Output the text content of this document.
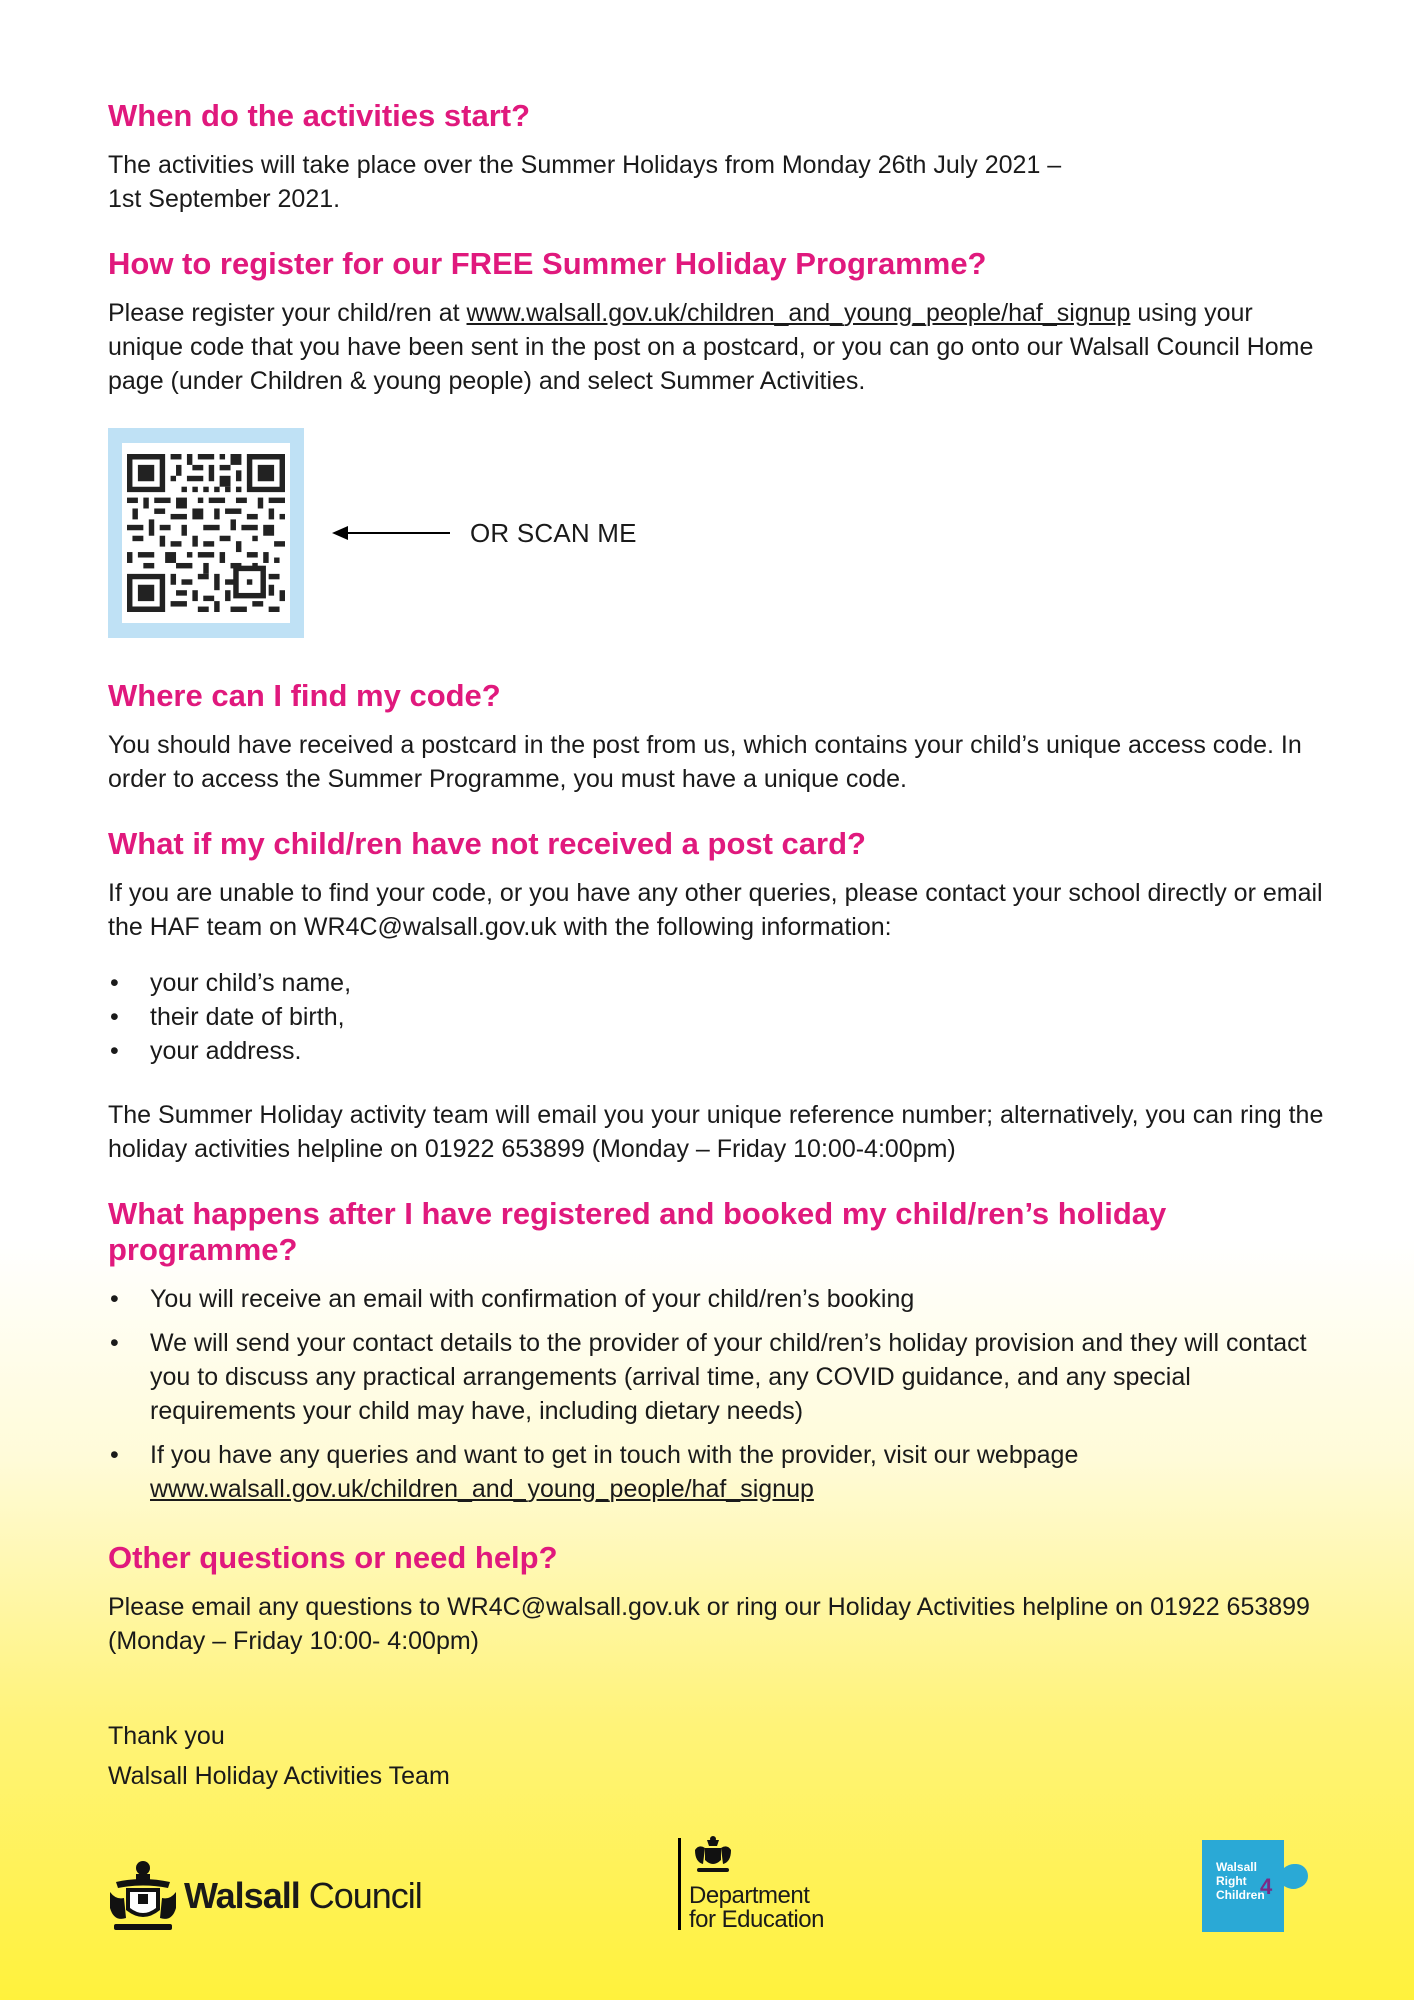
When do the activities start?

The activities will take place over the Summer Holidays from Monday 26th July 2021 –
1st September 2021.

How to register for our FREE Summer Holiday Programme?

Please register your child/ren at www.walsall.gov.uk/children_and_young_people/haf_signup using your unique code that you have been sent in the post on a postcard, or you can go onto our Walsall Council Home page (under Children & young people) and select Summer Activities.

OR SCAN ME
Where can I find my code?

You should have received a postcard in the post from us, which contains your child’s unique access code. In order to access the Summer Programme, you must have a unique code.

What if my child/ren have not received a post card?

If you are unable to find your code, or you have any other queries, please contact your school directly or email the HAF team on WR4C@walsall.gov.uk with the following information:

• your child’s name,
• their date of birth,
• your address.

The Summer Holiday activity team will email you your unique reference number; alternatively, you can ring the holiday activities helpline on 01922 653899 (Monday – Friday 10:00-4:00pm)

What happens after I have registered and booked my child/ren’s holiday programme?
• You will receive an email with confirmation of your child/ren’s booking
• We will send your contact details to the provider of your child/ren’s holiday provision and they will contact you to discuss any practical arrangements (arrival time, any COVID guidance, and any special requirements your child may have, including dietary needs)
• If you have any queries and want to get in touch with the provider, visit our webpage
www.walsall.gov.uk/children_and_young_people/haf_signup
Other questions or need help?

Please email any questions to WR4C@walsall.gov.uk or ring our Holiday Activities helpline on 01922 653899 (Monday – Friday 10:00- 4:00pm)

Thank you
Walsall Holiday Activities Team

Walsall Council	Department
for Education
4
Walsall
Right
Children
